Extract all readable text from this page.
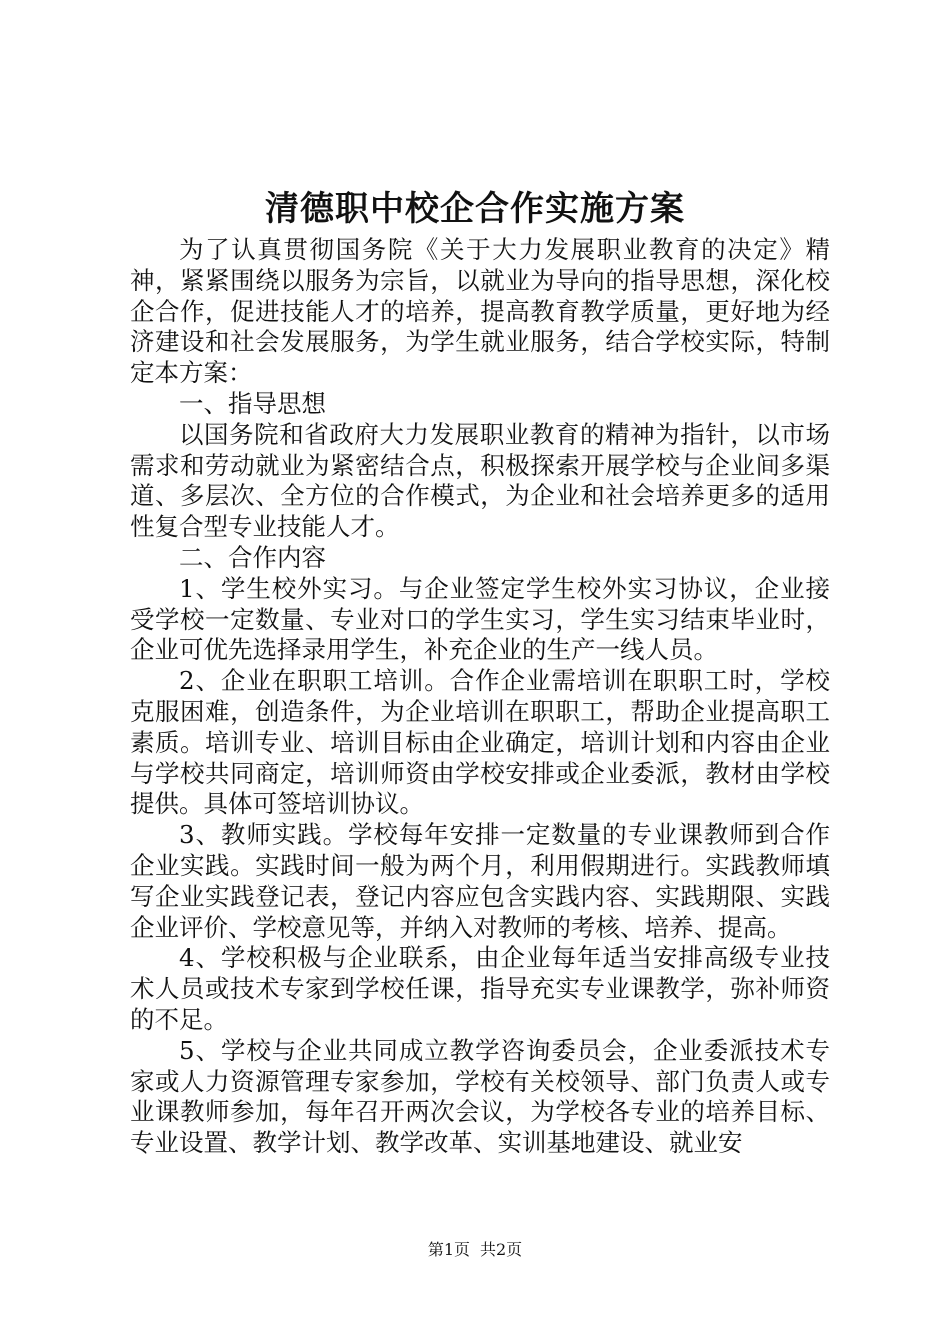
清德职中校企合作实施方案

为了认真贯彻国务院《关于大力发展职业教育的决定》精神，紧紧围绕以服务为宗旨，以就业为导向的指导思想，深化校企合作，促进技能人才的培养，提高教育教学质量，更好地为经济建设和社会发展服务，为学生就业服务，结合学校实际，特制定本方案：

一、指导思想

以国务院和省政府大力发展职业教育的精神为指针，以市场需求和劳动就业为紧密结合点，积极探索开展学校与企业间多渠道、多层次、全方位的合作模式，为企业和社会培养更多的适用性复合型专业技能人才。

二、合作内容

1、学生校外实习。与企业签定学生校外实习协议，企业接受学校一定数量、专业对口的学生实习，学生实习结束毕业时，企业可优先选择录用学生，补充企业的生产一线人员。

2、企业在职职工培训。合作企业需培训在职职工时，学校克服困难，创造条件，为企业培训在职职工，帮助企业提高职工素质。培训专业、培训目标由企业确定，培训计划和内容由企业与学校共同商定，培训师资由学校安排或企业委派，教材由学校提供。具体可签培训协议。

3、教师实践。学校每年安排一定数量的专业课教师到合作企业实践。实践时间一般为两个月，利用假期进行。实践教师填写企业实践登记表，登记内容应包含实践内容、实践期限、实践企业评价、学校意见等，并纳入对教师的考核、培养、提高。

4、学校积极与企业联系，由企业每年适当安排高级专业技术人员或技术专家到学校任课，指导充实专业课教学，弥补师资的不足。

5、学校与企业共同成立教学咨询委员会，企业委派技术专家或人力资源管理专家参加，学校有关校领导、部门负责人或专业课教师参加，每年召开两次会议，为学校各专业的培养目标、专业设置、教学计划、教学改革、实训基地建设、就业安

第1页 共2页
